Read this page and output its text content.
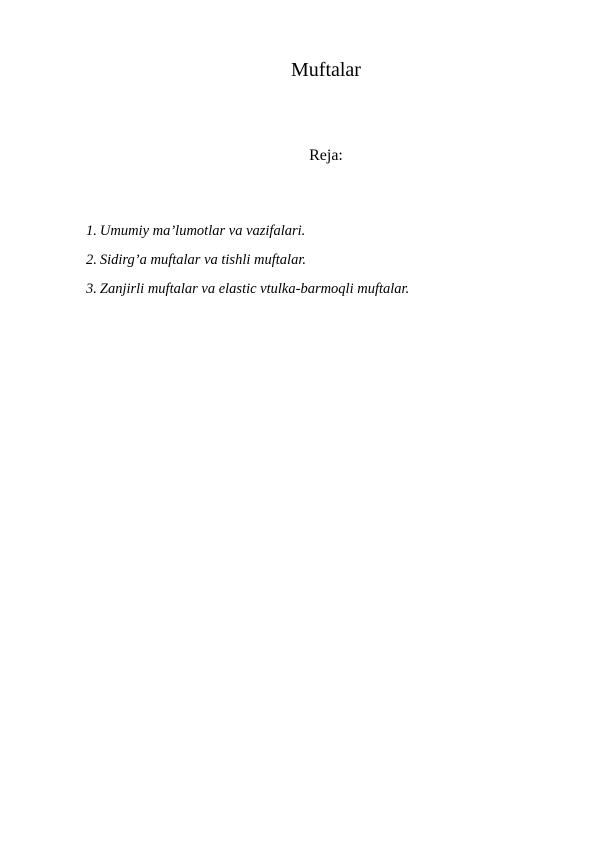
Muftalar
Reja:
1. Umumiy ma’lumotlar va vazifalari.
2. Sidirg’a muftalar va tishli muftalar.
3. Zanjirli muftalar va elastic vtulka-barmoqli muftalar.
